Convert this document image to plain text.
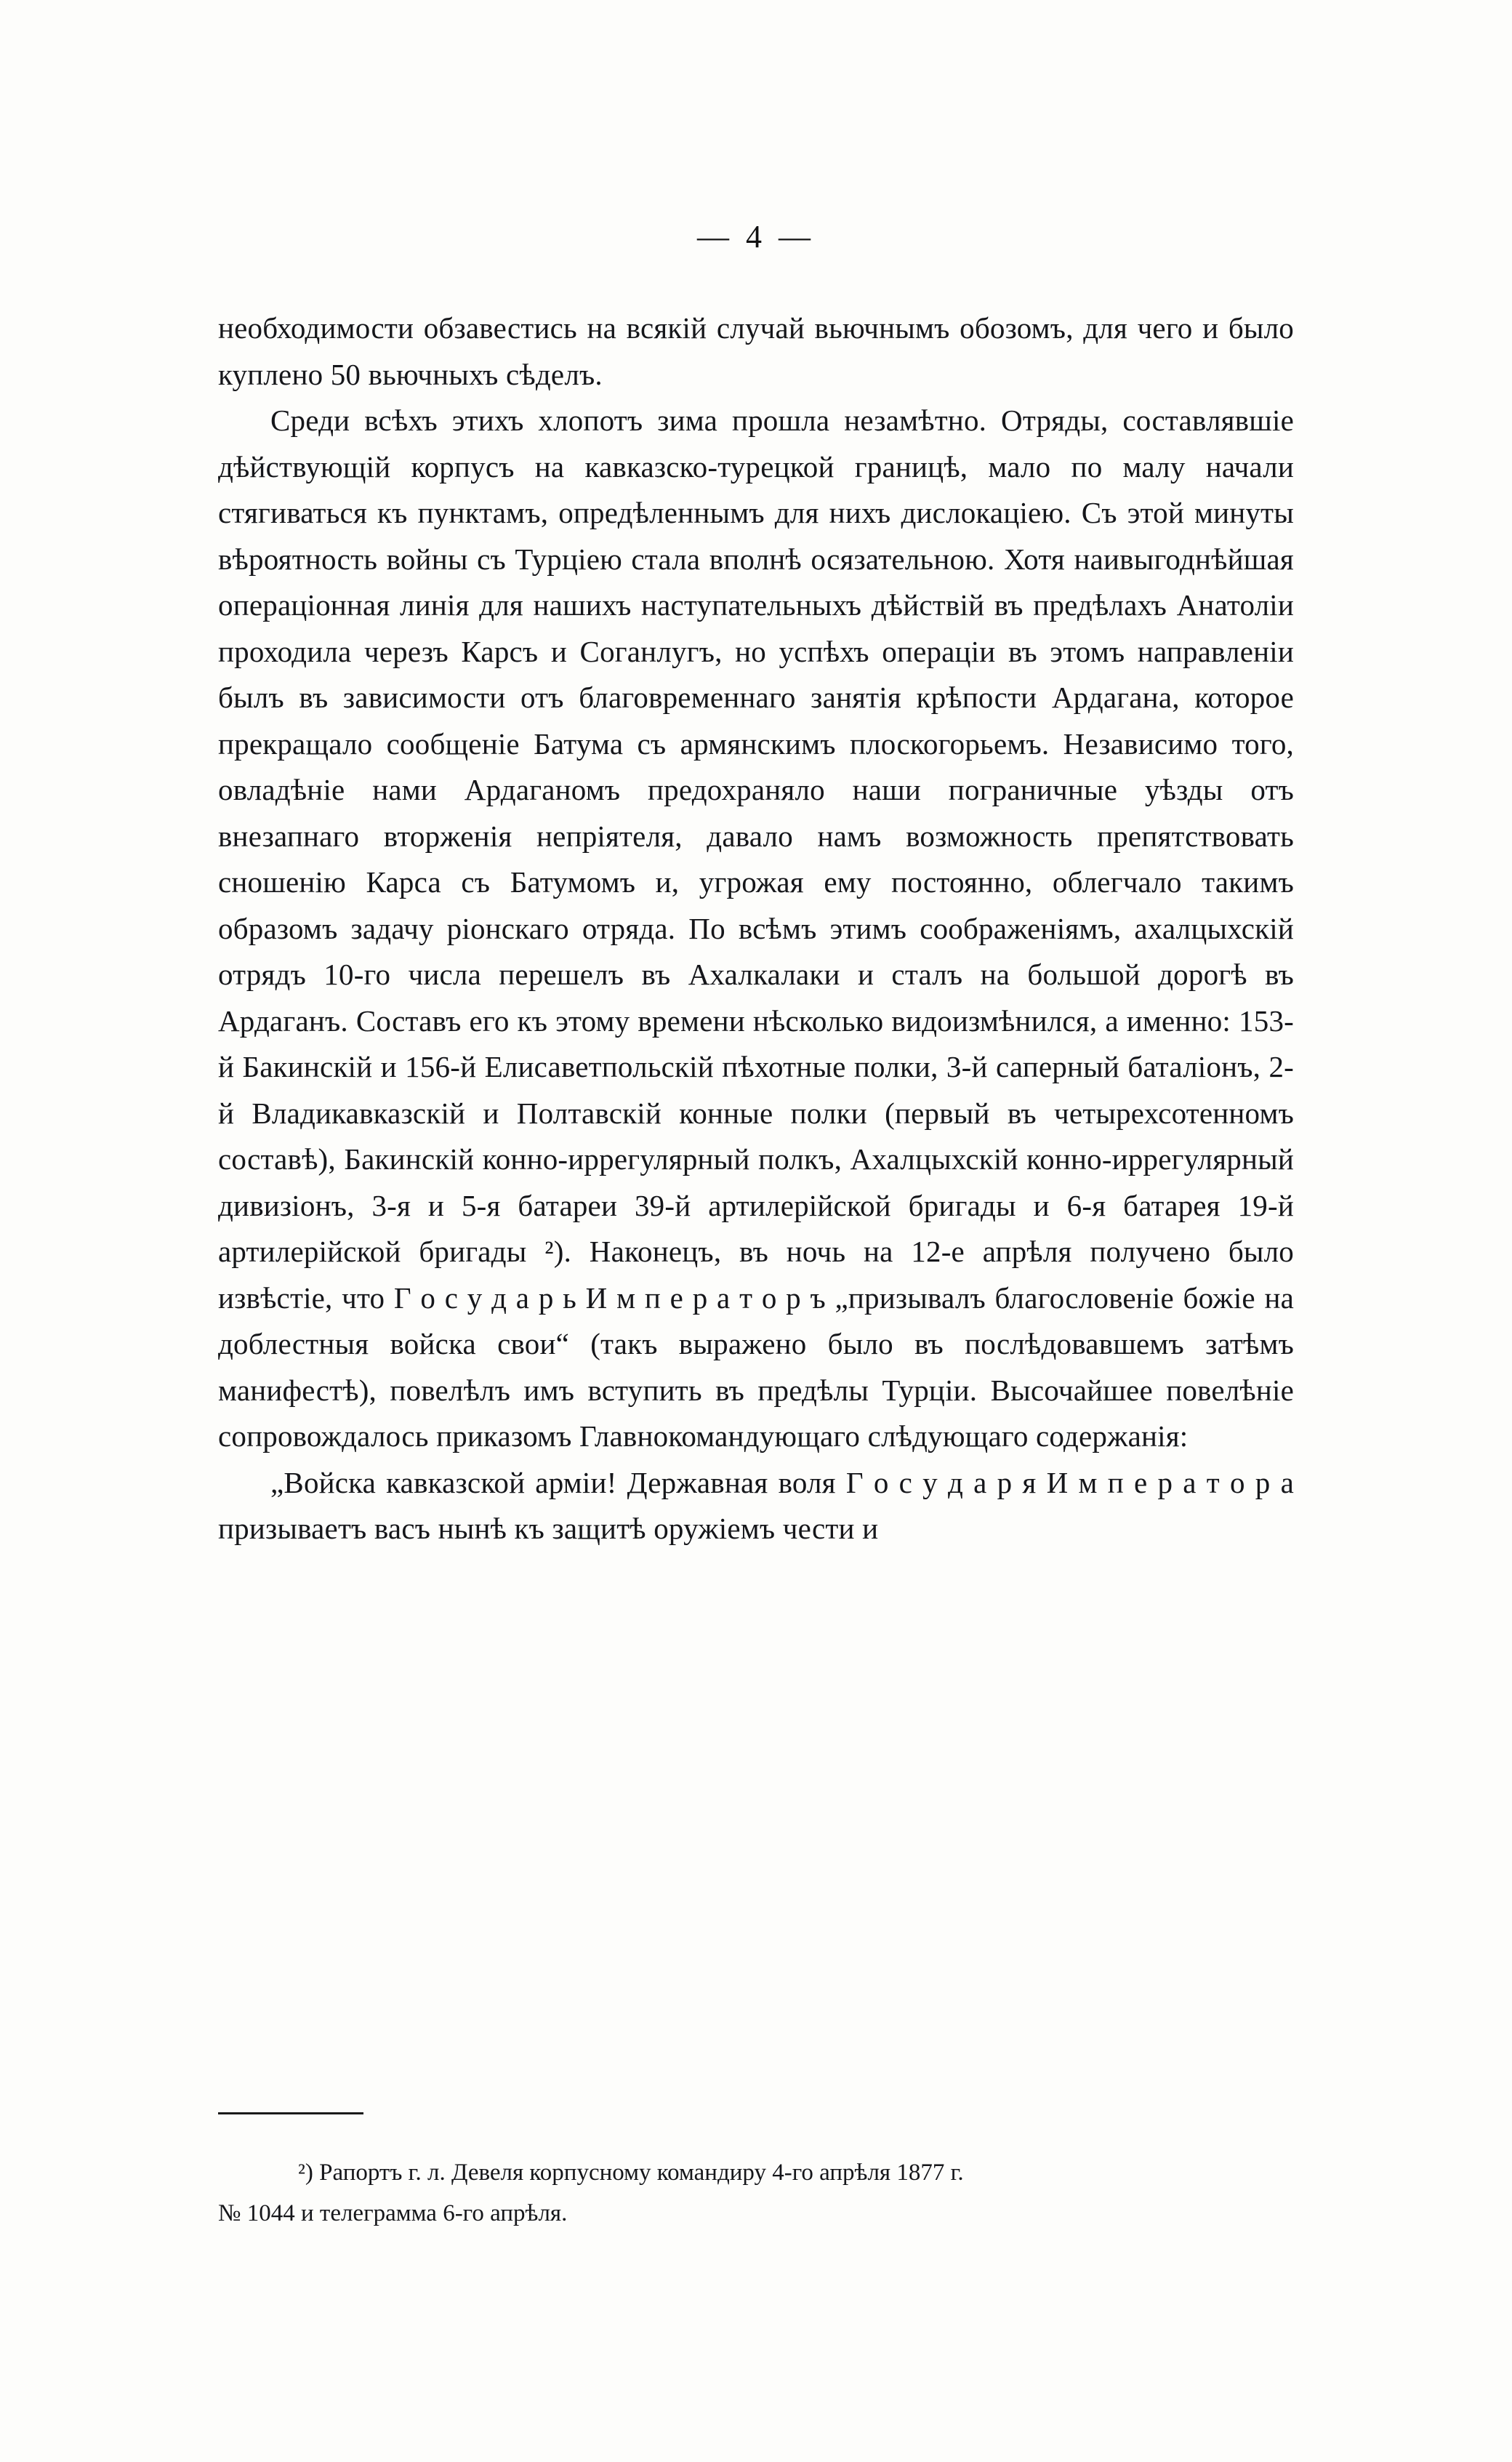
— 4 —

необходимости обзавестись на всякiй случай вьючнымъ обозомъ, для чего и было куплено 50 вьючныхъ сѣделъ.

Среди всѣхъ этихъ хлопотъ зима прошла незамѣтно. Отряды, составлявшiе дѣйствующiй корпусъ на кавказско-турецкой границѣ, мало по малу начали стягиваться къ пунктамъ, опредѣленнымъ для нихъ дислокацiею. Съ этой минуты вѣроятность войны съ Турцiею стала вполнѣ осязательною. Хотя наивыгоднѣйшая операцiонная линiя для нашихъ наступательныхъ дѣйствiй въ предѣлахъ Анатолiи проходила черезъ Карсъ и Соганлугъ, но успѣхъ операцiи въ этомъ направленiи былъ въ зависимости отъ благовременнаго занятiя крѣпости Ардагана, которое прекращало сообщенiе Батума съ армянскимъ плоскогорьемъ. Независимо того, овладѣнiе нами Ардаганомъ предохраняло наши пограничные уѣзды отъ внезапнаго вторженiя непрiятеля, давало намъ возможность препятствовать сношенiю Карса съ Батумомъ и, угрожая ему постоянно, облегчало такимъ образомъ задачу рiонскаго отряда. По всѣмъ этимъ соображенiямъ, ахалцыхскiй отрядъ 10-го числа перешелъ въ Ахалкалаки и сталъ на большой дорогѣ въ Ардаганъ. Составъ его къ этому времени нѣсколько видоизмѣнился, а именно: 153-й Бакинскiй и 156-й Елисаветпольскiй пѣхотные полки, 3-й саперный баталiонъ, 2-й Владикавказскiй и Полтавскiй конные полки (первый въ четырехсотенномъ составѣ), Бакинскiй конно-иррегулярный полкъ, Ахалцыхскiй конно-иррегулярный дивизiонъ, 3-я и 5-я батареи 39-й артилерiйской бригады и 6-я батарея 19-й артилерiйской бригады ²). Наконецъ, въ ночь на 12-е апрѣля получено было извѣстiе, что Г о с у д а р ь И м п е р а т о р ъ „призывалъ благословенiе божiе на доблестныя войска свои“ (такъ выражено было въ послѣдовавшемъ затѣмъ манифестѣ), повелѣлъ имъ вступить въ предѣлы Турцiи. Высочайшее повелѣнiе сопровождалось приказомъ Главнокомандующаго слѣдующаго содержанiя:

„Войска кавказской армiи! Державная воля Г о с у д а р я И м п е р а т о р а призываетъ васъ нынѣ къ защитѣ оружiемъ чести и

²) Рапортъ г. л. Девеля корпусному командиру 4-го апрѣля 1877 г.
№ 1044 и телеграмма 6-го апрѣля.
